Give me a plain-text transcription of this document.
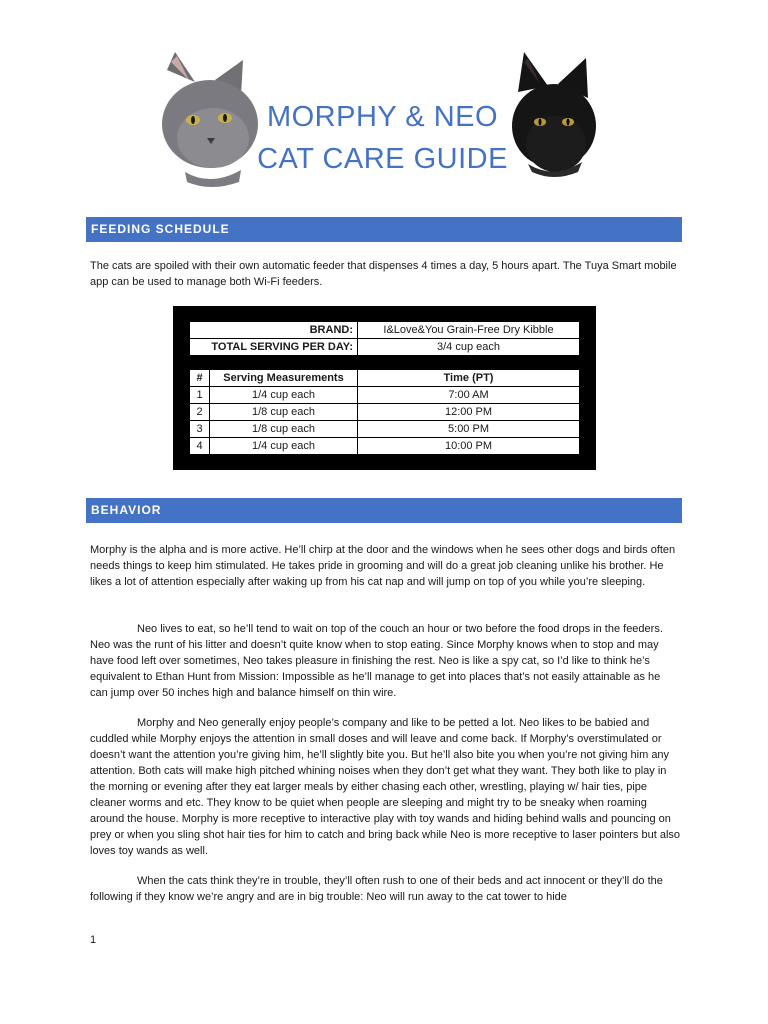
MORPHY & NEO
CAT CARE GUIDE
FEEDING SCHEDULE

The cats are spoiled with their own automatic feeder that dispenses 4 times a day, 5 hours apart. The Tuya Smart mobile app can be used to manage both Wi-Fi feeders.

BRAND:	I&Love&You Grain-Free Dry Kibble
TOTAL SERVING PER DAY:	3/4 cup each
#	Serving Measurements	Time (PT)
1	1/4 cup each	7:00 AM
2	1/8 cup each	12:00 PM
3	1/8 cup each	5:00 PM
4	1/4 cup each	10:00 PM
BEHAVIOR

Morphy is the alpha and is more active. He’ll chirp at the door and the windows when he sees other dogs and birds often needs things to keep him stimulated. He takes pride in grooming and will do a great job cleaning unlike his brother. He likes a lot of attention especially after waking up from his cat nap and will jump on top of you while you’re sleeping.

Neo lives to eat, so he’ll tend to wait on top of the couch an hour or two before the food drops in the feeders. Neo was the runt of his litter and doesn’t quite know when to stop eating. Since Morphy knows when to stop and may have food left over sometimes, Neo takes pleasure in finishing the rest. Neo is like a spy cat, so I’d like to think he’s equivalent to Ethan Hunt from Mission: Impossible as he’ll manage to get into places that’s not easily attainable as he can jump over 50 inches high and balance himself on thin wire.

Morphy and Neo generally enjoy people’s company and like to be petted a lot. Neo likes to be babied and cuddled while Morphy enjoys the attention in small doses and will leave and come back. If Morphy’s overstimulated or doesn’t want the attention you’re giving him, he’ll slightly bite you. But he’ll also bite you when you’re not giving him any attention. Both cats will make high pitched whining noises when they don’t get what they want. They both like to play in the morning or evening after they eat larger meals by either chasing each other, wrestling, playing w/ hair ties, pipe cleaner worms and etc. They know to be quiet when people are sleeping and might try to be sneaky when roaming around the house. Morphy is more receptive to interactive play with toy wands and hiding behind walls and pouncing on prey or when you sling shot hair ties for him to catch and bring back while Neo is more receptive to laser pointers but also loves toy wands as well.

When the cats think they’re in trouble, they’ll often rush to one of their beds and act innocent or they’ll do the following if they know we’re angry and are in big trouble: Neo will run away to the cat tower to hide

1
